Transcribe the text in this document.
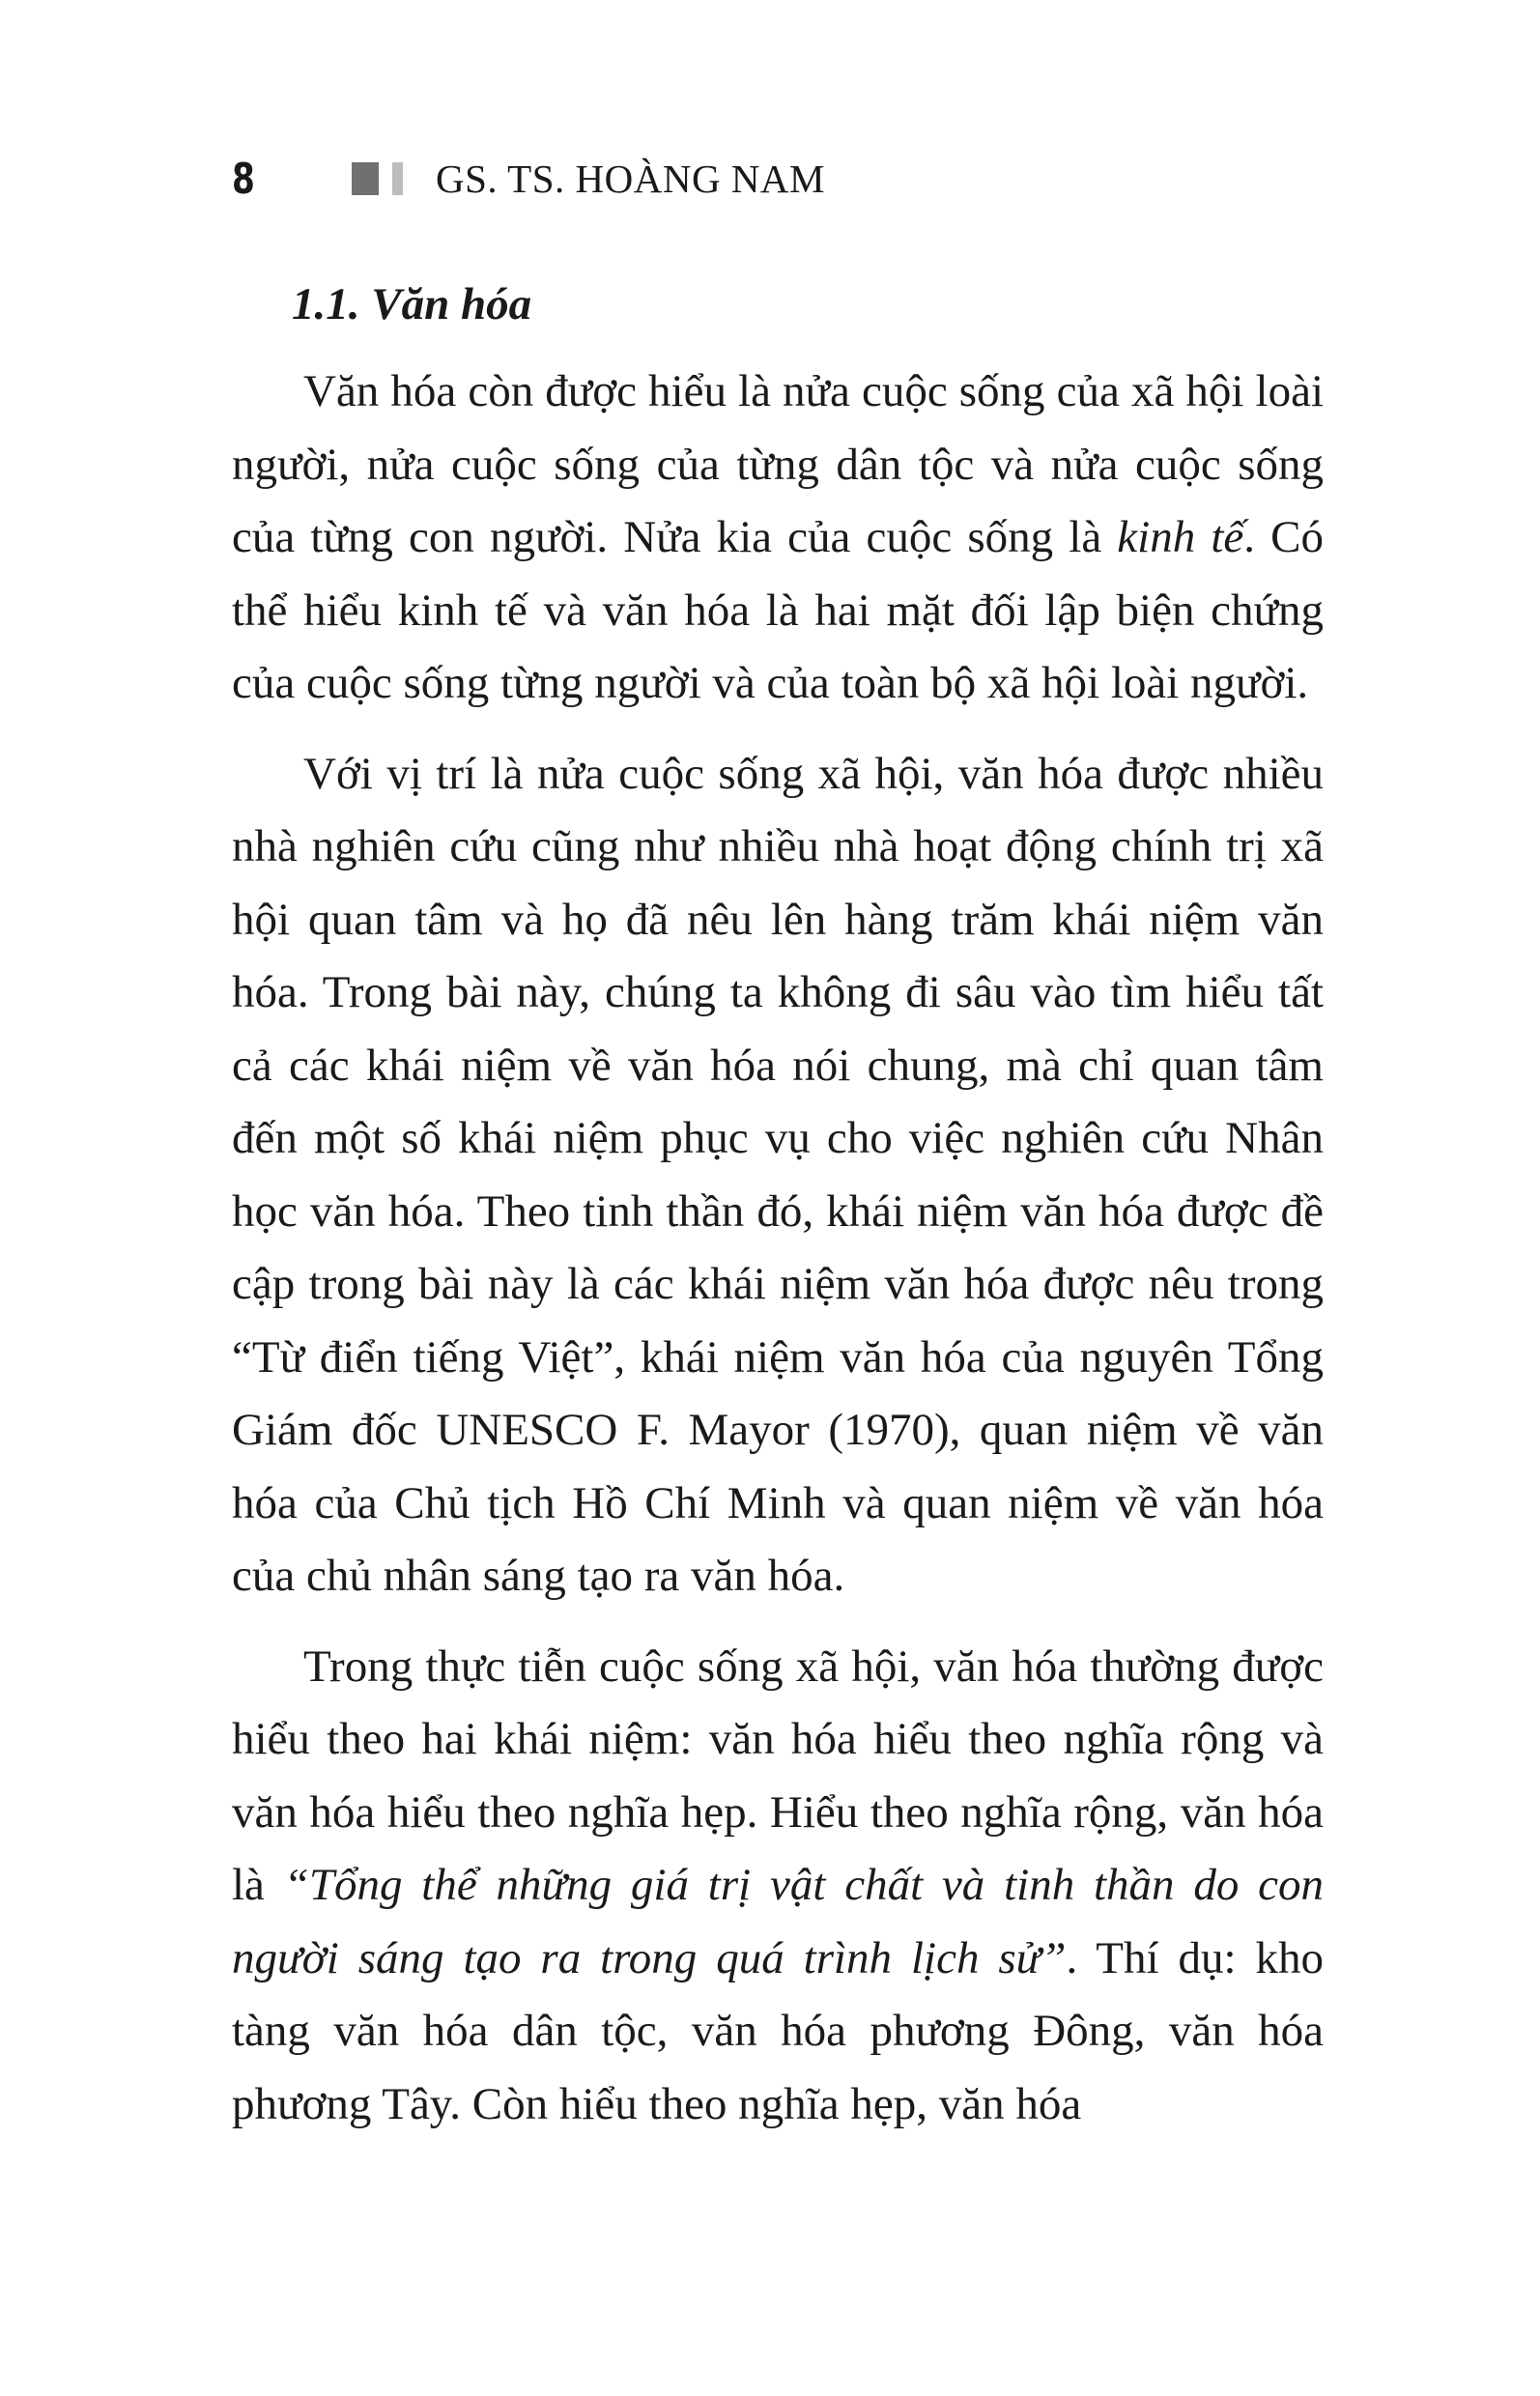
8	GS. TS. HOÀNG NAM
1.1. Văn hóa

Văn hóa còn được hiểu là nửa cuộc sống của xã hội loài người, nửa cuộc sống của từng dân tộc và nửa cuộc sống của từng con người. Nửa kia của cuộc sống là kinh tế. Có thể hiểu kinh tế và văn hóa là hai mặt đối lập biện chứng của cuộc sống từng người và của toàn bộ xã hội loài người.

Với vị trí là nửa cuộc sống xã hội, văn hóa được nhiều nhà nghiên cứu cũng như nhiều nhà hoạt động chính trị xã hội quan tâm và họ đã nêu lên hàng trăm khái niệm văn hóa. Trong bài này, chúng ta không đi sâu vào tìm hiểu tất cả các khái niệm về văn hóa nói chung, mà chỉ quan tâm đến một số khái niệm phục vụ cho việc nghiên cứu Nhân học văn hóa. Theo tinh thần đó, khái niệm văn hóa được đề cập trong bài này là các khái niệm văn hóa được nêu trong “Từ điển tiếng Việt”, khái niệm văn hóa của nguyên Tổng Giám đốc UNESCO F. Mayor (1970), quan niệm về văn hóa của Chủ tịch Hồ Chí Minh và quan niệm về văn hóa của chủ nhân sáng tạo ra văn hóa.

Trong thực tiễn cuộc sống xã hội, văn hóa thường được hiểu theo hai khái niệm: văn hóa hiểu theo nghĩa rộng và văn hóa hiểu theo nghĩa hẹp. Hiểu theo nghĩa rộng, văn hóa là “Tổng thể những giá trị vật chất và tinh thần do con người sáng tạo ra trong quá trình lịch sử”. Thí dụ: kho tàng văn hóa dân tộc, văn hóa phương Đông, văn hóa phương Tây. Còn hiểu theo nghĩa hẹp, văn hóa
